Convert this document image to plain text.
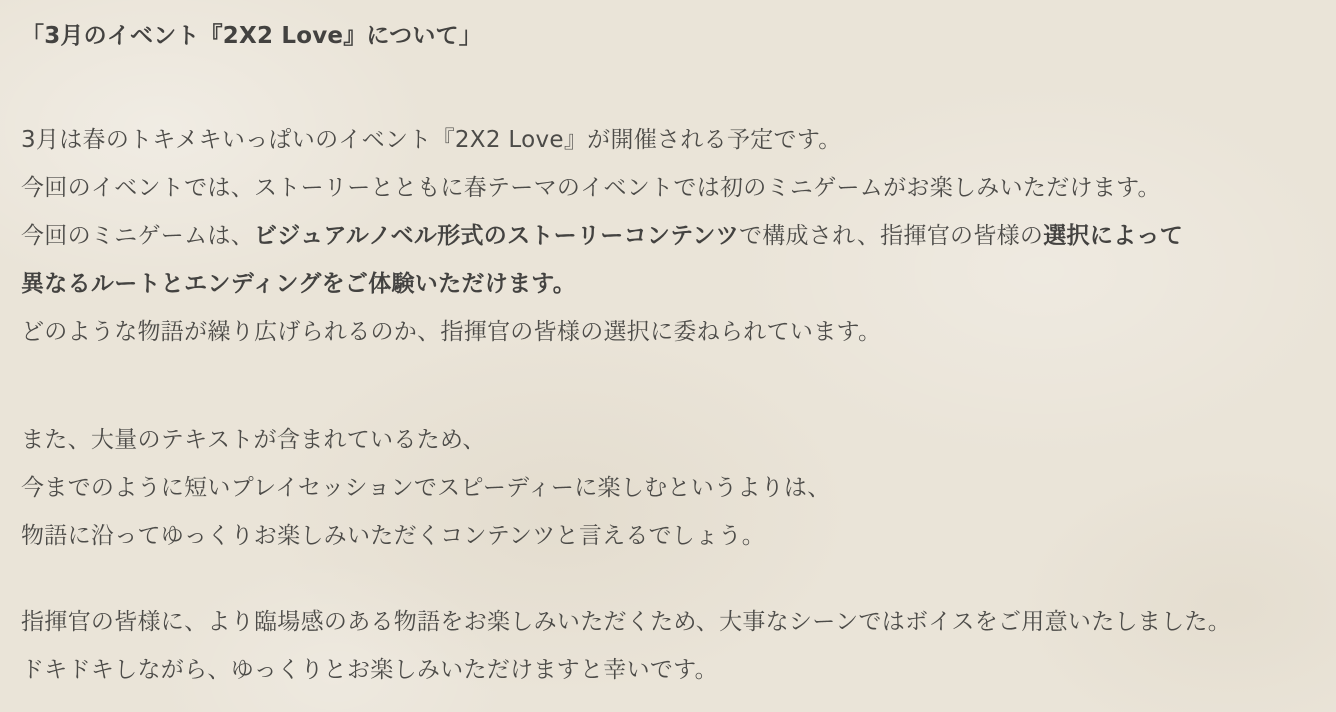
「3月のイベント『2X2 Love』について」
3月は春のトキメキいっぱいのイベント『2X2 Love』が開催される予定です。
今回のイベントでは、ストーリーとともに春テーマのイベントでは初のミニゲームがお楽しみいただけます。
今回のミニゲームは、ビジュアルノベル形式のストーリーコンテンツで構成され、指揮官の皆様の選択によって
異なるルートとエンディングをご体験いただけます。
どのような物語が繰り広げられるのか、指揮官の皆様の選択に委ねられています。
また、大量のテキストが含まれているため、
今までのように短いプレイセッションでスピーディーに楽しむというよりは、
物語に沿ってゆっくりお楽しみいただくコンテンツと言えるでしょう。
指揮官の皆様に、より臨場感のある物語をお楽しみいただくため、大事なシーンではボイスをご用意いたしました。
ドキドキしながら、ゆっくりとお楽しみいただけますと幸いです。
